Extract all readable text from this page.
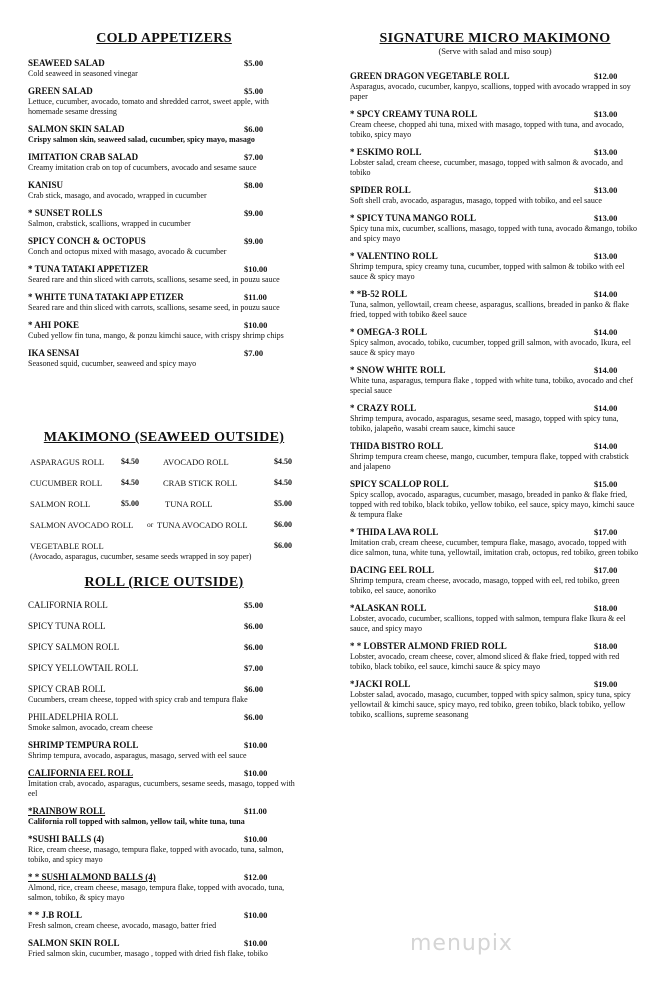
COLD APPETIZERS
SEAWEED SALAD	$5.00
Cold seaweed in seasoned vinegar
GREEN SALAD	$5.00
Lettuce, cucumber, avocado, tomato and shredded carrot, sweet apple, with homemade sesame dressing
SALMON SKIN SALAD	$6.00
Crispy salmon skin, seaweed salad, cucumber, spicy mayo, masago
IMITATION CRAB SALAD	$7.00
Creamy imitation crab on top of cucumbers, avocado and sesame sauce
KANISU	$8.00
Crab stick, masago, and avocado, wrapped in cucumber
* SUNSET ROLLS	$9.00
Salmon, crabstick, scallions, wrapped in cucumber
SPICY CONCH & OCTOPUS	$9.00
Conch and octopus mixed with masago, avocado & cucumber
* TUNA TATAKI APPETIZER	$10.00
Seared rare and thin sliced with carrots, scallions, sesame seed, in pouzu sauce
* WHITE TUNA TATAKI APP ETIZER	$11.00
Seared rare and thin sliced with carrots, scallions, sesame seed, in pouzu sauce
* AHI POKE	$10.00
Cubed yellow fin tuna, mango, & ponzu kimchi sauce, with crispy shrimp chips
IKA SENSAI	$7.00
Seasoned squid, cucumber, seaweed and spicy mayo
MAKIMONO (SEAWEED OUTSIDE)
ASPARAGUS ROLL $4.50	AVOCADO ROLL	$4.50
CUCUMBER ROLL $4.50	CRAB STICK ROLL	$4.50
SALMON ROLL	$5.00	TUNA ROLL	$5.00
SALMON AVOCADO ROLL or TUNA AVOCADO ROLL	$6.00
VEGETABLE ROLL	$6.00
(Avocado, asparagus, cucumber, sesame seeds wrapped in soy paper)
ROLL (RICE OUTSIDE)
CALIFORNIA ROLL	$5.00
SPICY TUNA ROLL	$6.00
SPICY SALMON ROLL	$6.00
SPICY YELLOWTAIL ROLL	$7.00
SPICY CRAB ROLL	$6.00
Cucumbers, cream cheese, topped with spicy crab and tempura flake
PHILADELPHIA ROLL	$6.00
Smoke salmon, avocado, cream cheese
SHRIMP TEMPURA ROLL	$10.00
Shrimp tempura, avocado, asparagus, masago, served with eel sauce
CALIFORNIA EEL ROLL	$10.00
Imitation crab, avocado, asparagus, cucumbers, sesame seeds, masago, topped with eel
*RAINBOW ROLL	$11.00
California roll topped with salmon, yellow tail, white tuna, tuna
*SUSHI BALLS (4)	$10.00
Rice, cream cheese, masago, tempura flake, topped with avocado, tuna, salmon, tobiko, and spicy mayo
* * SUSHI ALMOND BALLS (4)	$12.00
Almond, rice, cream cheese, masago, tempura flake, topped with avocado, tuna, salmon, tobiko, & spicy mayo
* * J.B ROLL	$10.00
Fresh salmon, cream cheese, avocado, masago, batter fried
SALMON SKIN ROLL	$10.00
Fried salmon skin, cucumber, masago , topped with dried fish flake, tobiko
SIGNATURE MICRO MAKIMONO
(Serve with salad and miso soup)
GREEN DRAGON VEGETABLE ROLL	$12.00
Asparagus, avocado, cucumber, kanpyo, scallions, topped with avocado wrapped in soy paper
* SPCY CREAMY TUNA ROLL	$13.00
Cream cheese, chopped ahi tuna, mixed with masago, topped with tuna, and avocado, tobiko, spicy mayo
* ESKIMO ROLL	$13.00
Lobster salad, cream cheese, cucumber, masago, topped with salmon & avocado, and tobiko
SPIDER ROLL	$13.00
Soft shell crab, avocado, asparagus, masago, topped with tobiko, and eel sauce
* SPICY TUNA MANGO ROLL	$13.00
Spicy tuna mix, cucumber, scallions, masago, topped with tuna, avocado &mango, tobiko and spicy mayo
* VALENTINO ROLL	$13.00
Shrimp tempura, spicy creamy tuna, cucumber, topped with salmon & tobiko with eel sauce & spicy mayo
* *B-52 ROLL	$14.00
Tuna, salmon, yellowtail, cream cheese, asparagus, scallions, breaded in panko & flake fried, topped with tobiko &eel sauce
* OMEGA-3 ROLL	$14.00
Spicy salmon, avocado, tobiko, cucumber, topped grill salmon, with avocado, Ikura, eel sauce & spicy mayo
* SNOW WHITE ROLL	$14.00
White tuna, asparagus, tempura flake , topped with white tuna, tobiko, avocado and chef special sauce
* CRAZY ROLL	$14.00
Shrimp tempura, avocado, asparagus, sesame seed, masago, topped with spicy tuna, tobiko, jalapeño, wasabi cream sauce, kimchi sauce
THIDA BISTRO ROLL	$14.00
Shrimp tempura cream cheese, mango, cucumber, tempura flake, topped with crabstick and jalapeno
SPICY SCALLOP ROLL	$15.00
Spicy scallop, avocado, asparagus, cucumber, masago, breaded in panko & flake fried, topped with red tobiko, black tobiko, yellow tobiko, eel sauce, spicy mayo, kimchi sauce & tempura flake
* THIDA LAVA ROLL	$17.00
Imitation crab, cream cheese, cucumber, tempura flake, masago, avocado, topped with dice salmon, tuna, white tuna, yellowtail, imitation crab, octopus, red tobiko, green tobiko
DACING EEL ROLL	$17.00
Shrimp tempura, cream cheese, avocado, masago, topped with eel, red tobiko, green tobiko, eel sauce, aonoriko
*ALASKAN ROLL	$18.00
Lobster, avocado, cucumber, scallions, topped with salmon, tempura flake Ikura & eel sauce, and spicy mayo
* * LOBSTER ALMOND FRIED ROLL	$18.00
Lobster, avocado, cream cheese, cover, almond sliced & flake fried, topped with red tobiko, black tobiko, eel sauce, kimchi sauce & spicy mayo
*JACKI ROLL	$19.00
Lobster salad, avocado, masago, cucumber, topped with spicy salmon, spicy tuna, spicy yellowtail & kimchi sauce, spicy mayo, red tobiko, green tobiko, black tobiko, yellow tobiko, scallions, supreme seasonang
menupix
